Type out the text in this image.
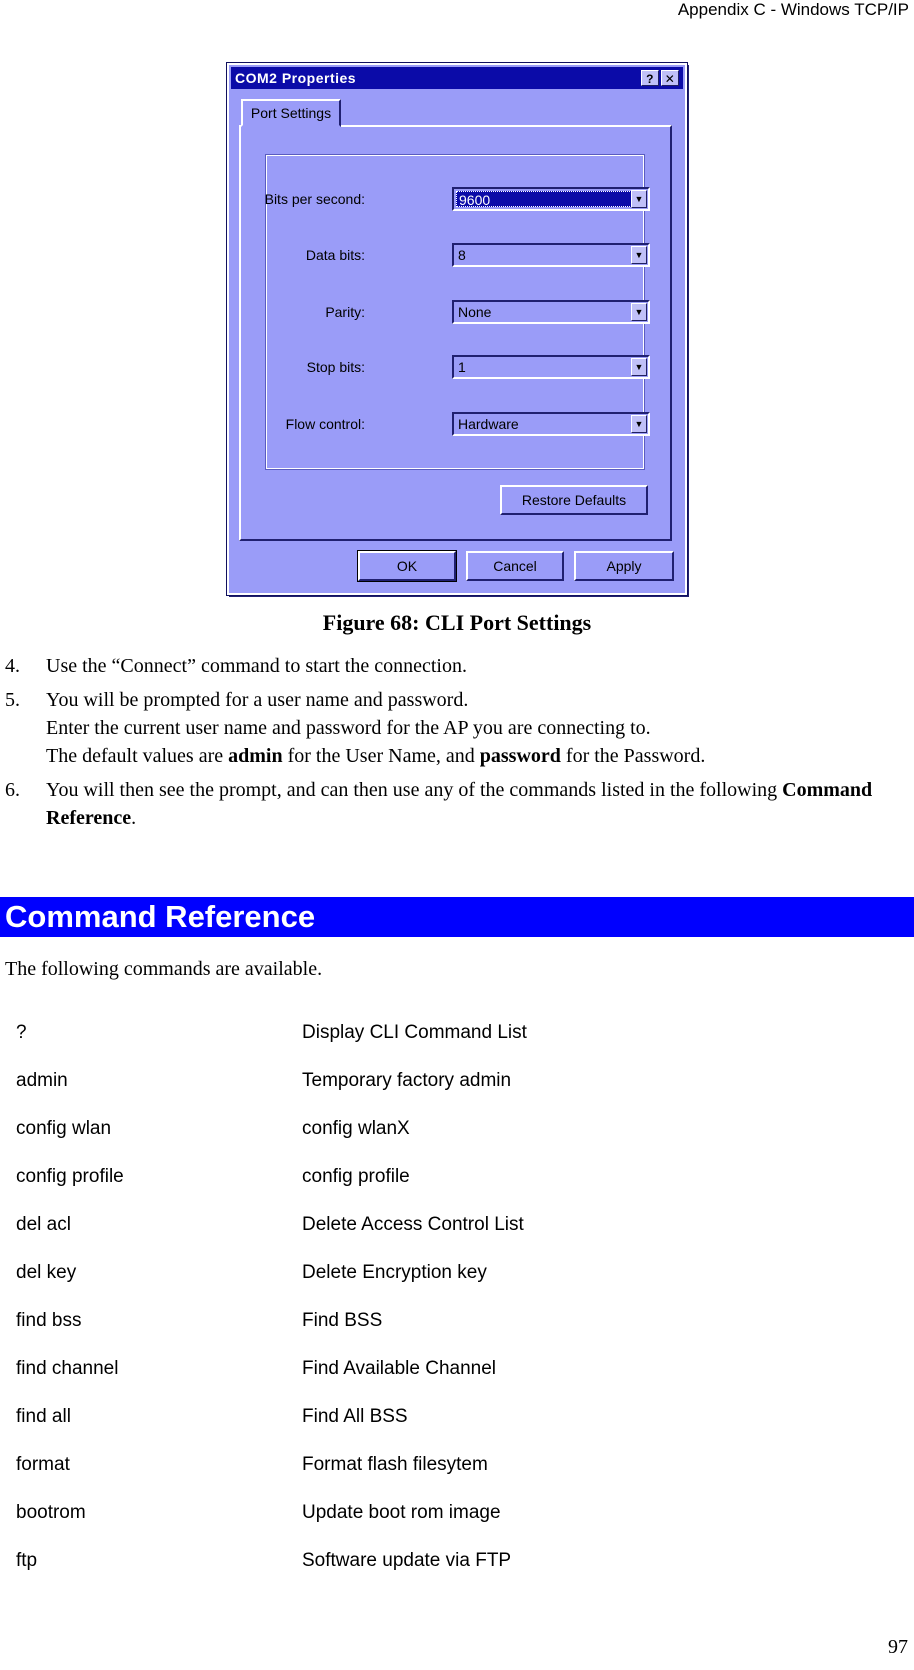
Appendix C - Windows TCP/IP
COM2 Properties	? ✕
Port Settings
Bits per second:	9600	▼
Data bits:	8	▼
Parity:	None	▼
Stop bits:	1	▼
Flow control:	Hardware	▼
Restore Defaults
OK	Cancel	Apply
Figure 68: CLI Port Settings
4. Use the “Connect” command to start the connection.
5. You will be prompted for a user name and password.
Enter the current user name and password for the AP you are connecting to.
The default values are admin for the User Name, and password for the Password.
6. You will then see the prompt, and can then use any of the commands listed in the following Command Reference.
Command Reference
The following commands are available.
?	Display CLI Command List
admin	Temporary factory admin
config wlan	config wlanX
config profile	config profile
del acl	Delete Access Control List
del key	Delete Encryption key
find bss	Find BSS
find channel	Find Available Channel
find all	Find All BSS
format	Format flash filesytem
bootrom	Update boot rom image
ftp	Software update via FTP
97
